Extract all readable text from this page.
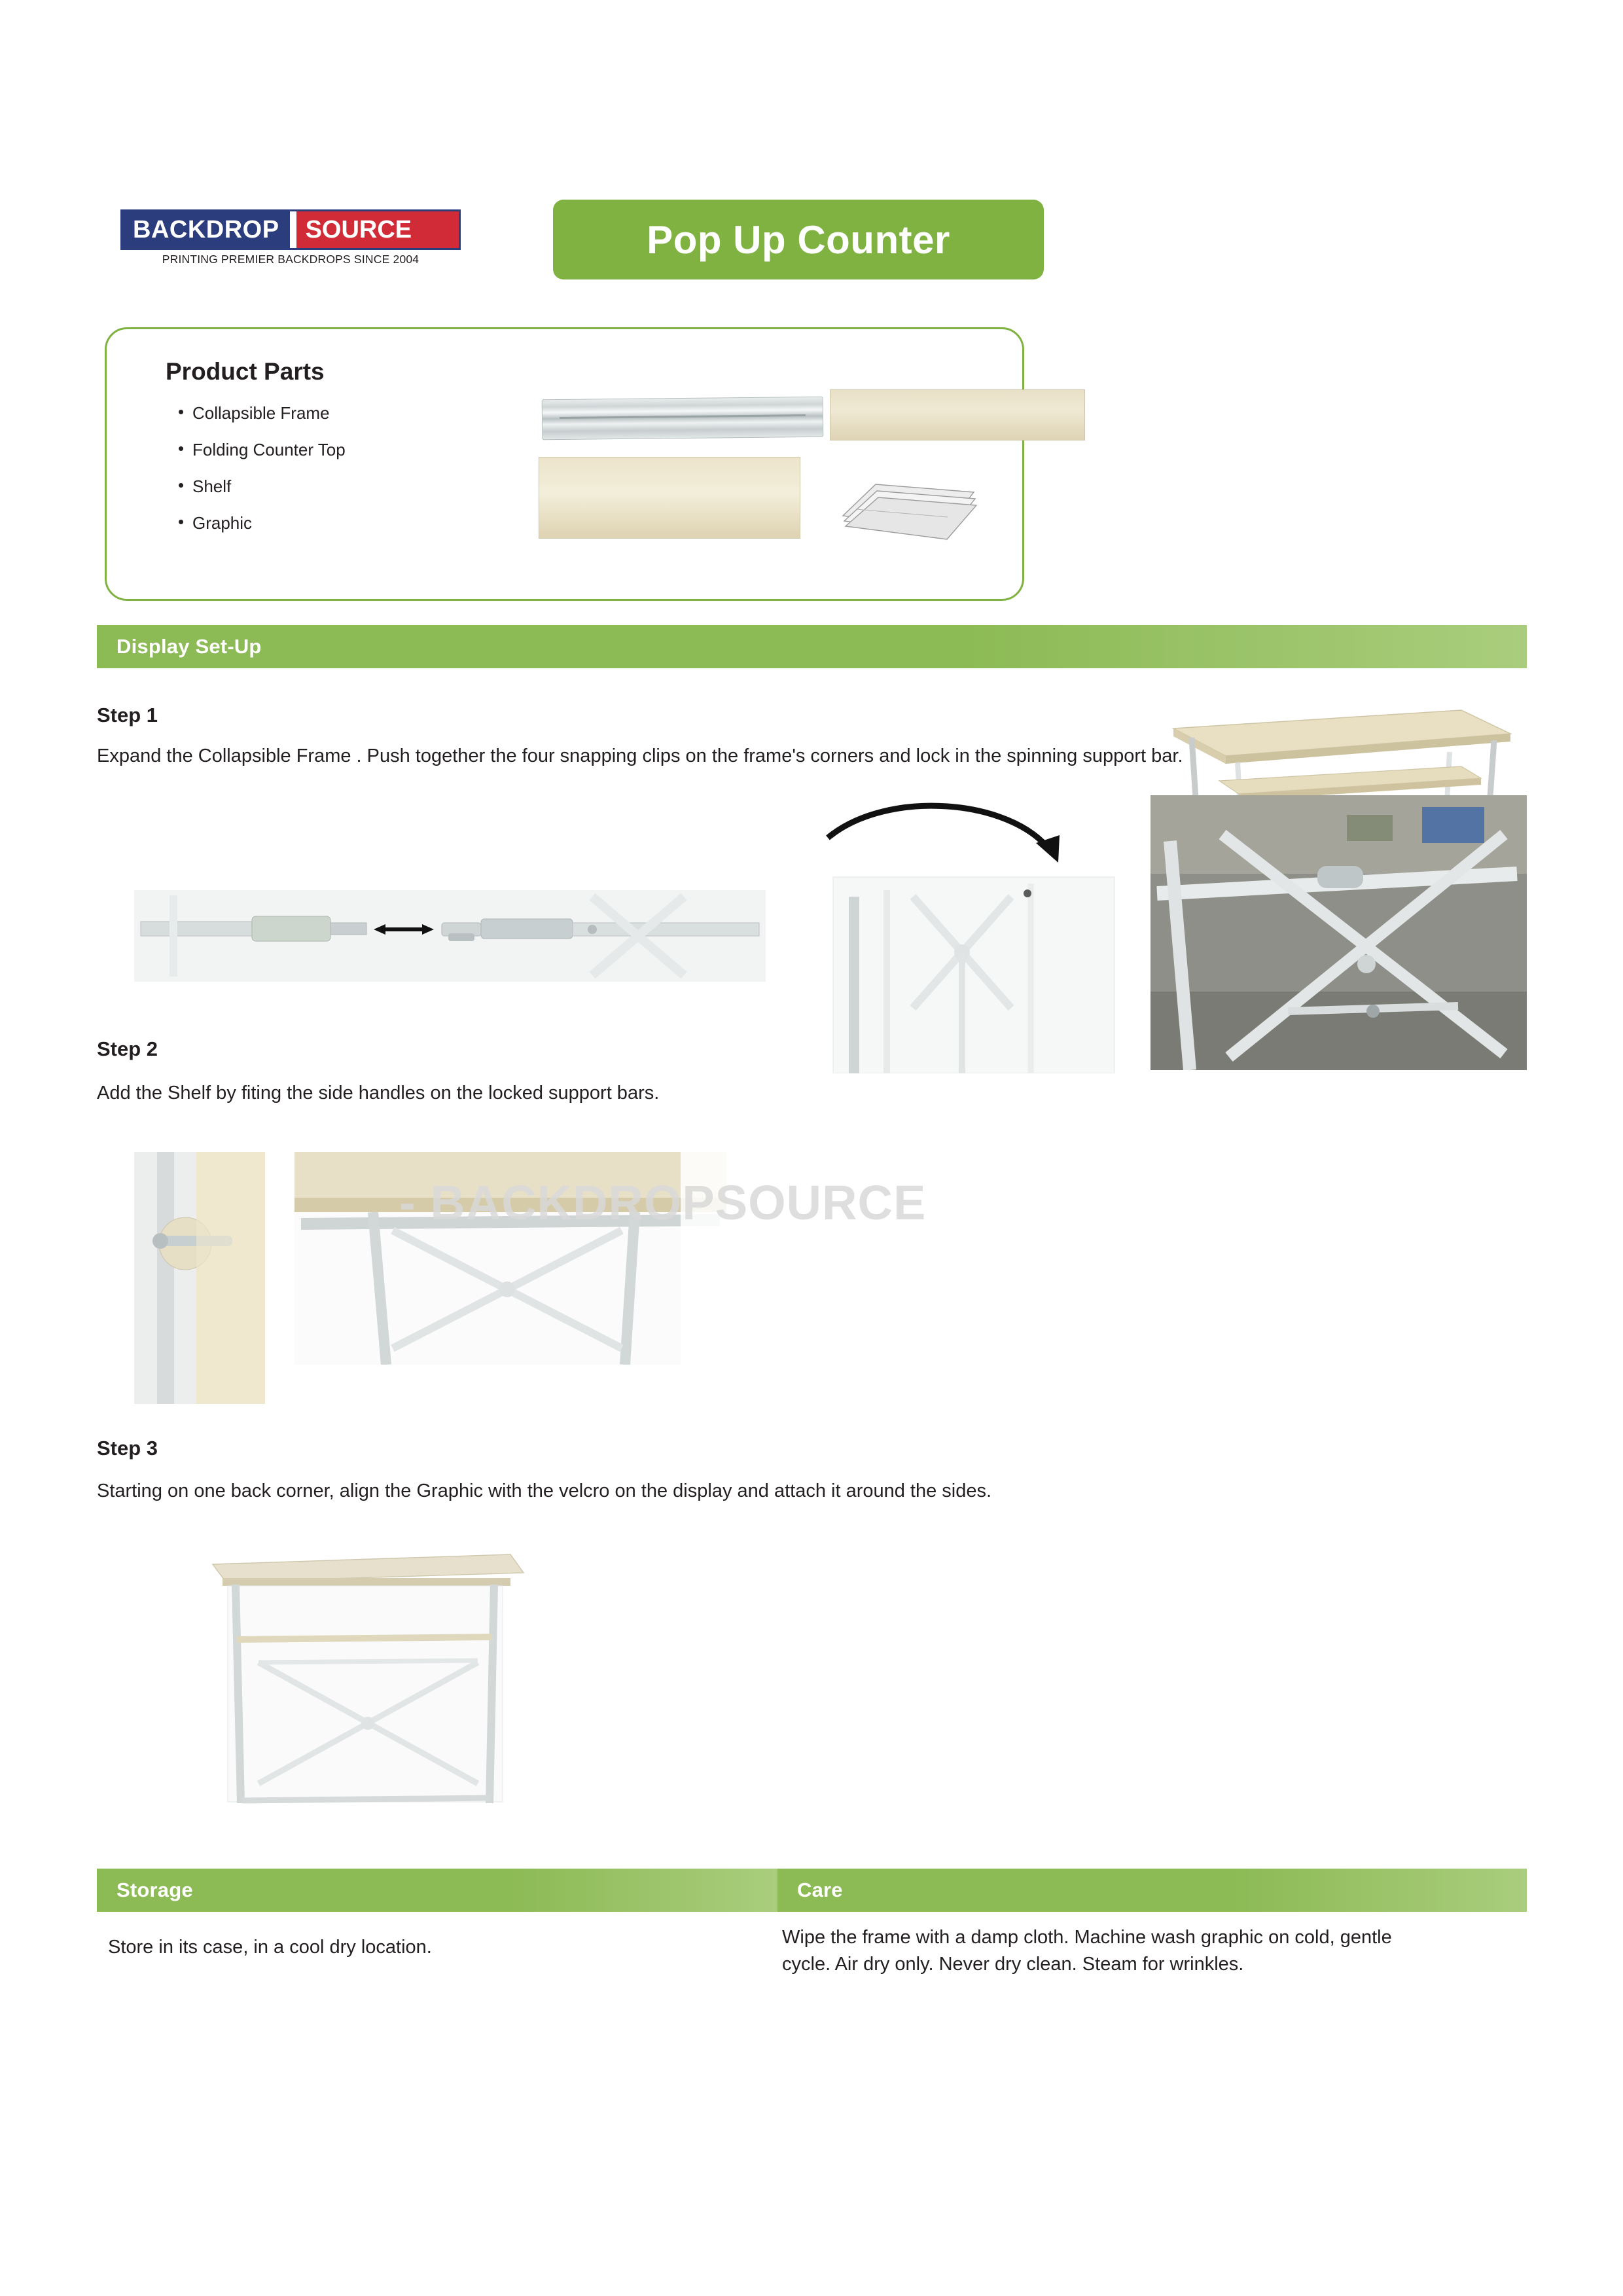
BACKDROP	SOURCE
PRINTING PREMIER BACKDROPS SINCE 2004	Pop Up Counter
Product Parts
• Collapsible Frame
• Folding Counter Top
• Shelf
• Graphic
Display Set-Up
Step 1
Expand the Collapsible Frame . Push together the four snapping clips on the frame's corners and lock in the spinning support bar.
Step 2
Add the Shelf by fiting the side handles on the locked support bars.
- BACKDROPSOURCE
Step 3
Starting on one back corner, align the Graphic with the velcro on the display and attach it around the sides.
Storage	Care
Store in its case, in a cool dry location.	Wipe the frame with a damp cloth. Machine wash graphic on cold, gentle cycle. Air dry only. Never dry clean. Steam for wrinkles.
